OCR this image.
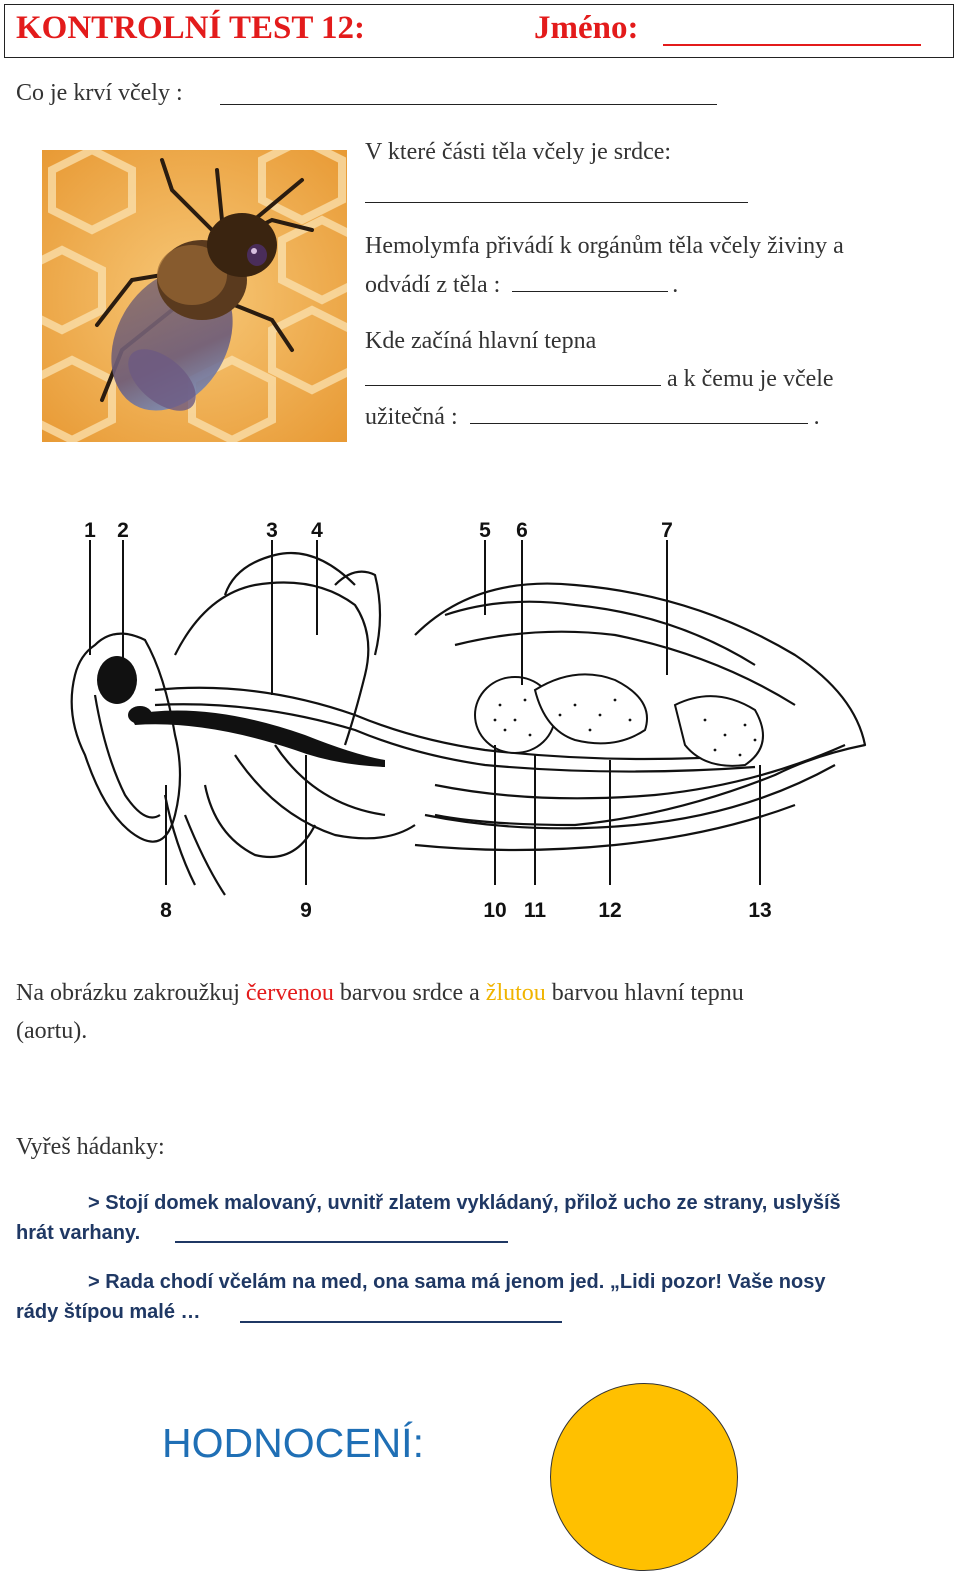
KONTROLNÍ TEST 12:	Jméno:
Co je krví včely :
V které části těla včely je srdce:
Hemolymfa přivádí k orgánům těla včely živiny a
odvádí z těla :	.
Kde začíná hlavní tepna
a k čemu je včele
užitečná :	.
1 2	3 4	5 6	7
8	9	10 11 12	13
Na obrázku zakroužkuj červenou barvou srdce a žlutou barvou hlavní tepnu
(aortu).
Vyřeš hádanky:
> Stojí domek malovaný, uvnitř zlatem vykládaný, přilož ucho ze strany, uslyšíš
hrát varhany.
> Rada chodí včelám na med, ona sama má jenom jed. „Lidi pozor! Vaše nosy
rády štípou malé …
HODNOCENÍ:
